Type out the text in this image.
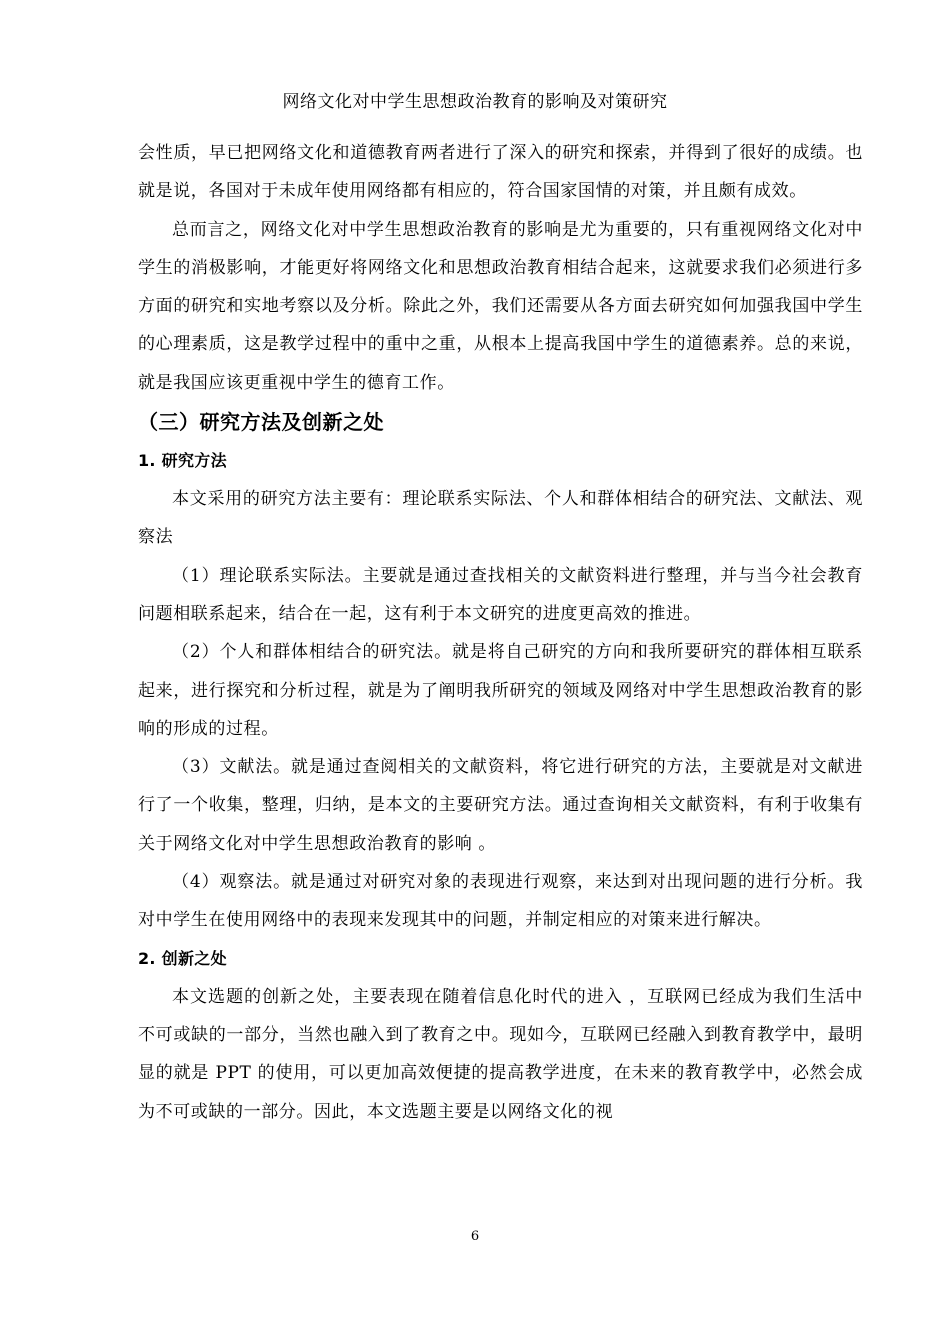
网络文化对中学生思想政治教育的影响及对策研究

会性质，早已把网络文化和道德教育两者进行了深入的研究和探索，并得到了很好的成绩。也就是说，各国对于未成年使用网络都有相应的，符合国家国情的对策，并且颇有成效。

总而言之，网络文化对中学生思想政治教育的影响是尤为重要的，只有重视网络文化对中学生的消极影响，才能更好将网络文化和思想政治教育相结合起来，这就要求我们必须进行多方面的研究和实地考察以及分析。除此之外，我们还需要从各方面去研究如何加强我国中学生的心理素质，这是教学过程中的重中之重，从根本上提高我国中学生的道德素养。总的来说，就是我国应该更重视中学生的德育工作。

（三）研究方法及创新之处
1. 研究方法

本文采用的研究方法主要有：理论联系实际法、个人和群体相结合的研究法、文献法、观察法

（1）理论联系实际法。主要就是通过查找相关的文献资料进行整理，并与当今社会教育问题相联系起来，结合在一起，这有利于本文研究的进度更高效的推进。

（2）个人和群体相结合的研究法。就是将自己研究的方向和我所要研究的群体相互联系起来，进行探究和分析过程，就是为了阐明我所研究的领域及网络对中学生思想政治教育的影响的形成的过程。

（3）文献法。就是通过查阅相关的文献资料，将它进行研究的方法，主要就是对文献进行了一个收集，整理，归纳，是本文的主要研究方法。通过查询相关文献资料，有利于收集有关于网络文化对中学生思想政治教育的影响 。

（4）观察法。就是通过对研究对象的表现进行观察，来达到对出现问题的进行分析。我对中学生在使用网络中的表现来发现其中的问题，并制定相应的对策来进行解决。

2. 创新之处

本文选题的创新之处，主要表现在随着信息化时代的进入 ，互联网已经成为我们生活中不可或缺的一部分，当然也融入到了教育之中。现如今，互联网已经融入到教育教学中，最明显的就是 PPT 的使用，可以更加高效便捷的提高教学进度，在未来的教育教学中，必然会成为不可或缺的一部分。因此，本文选题主要是以网络文化的视

6
